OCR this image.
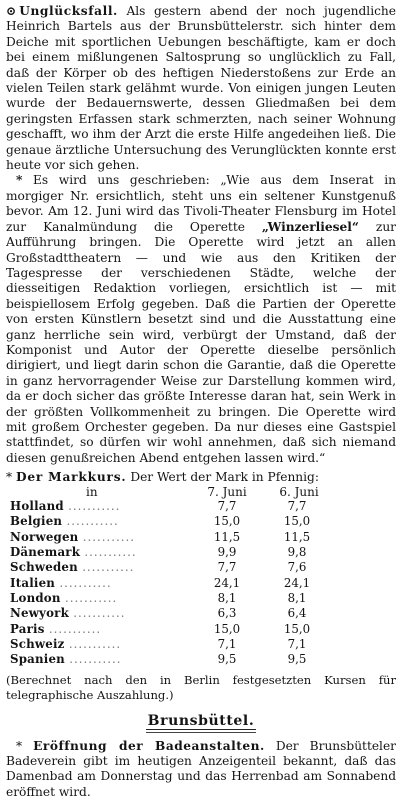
⊙ Unglücksfall. Als gestern abend der noch jugendliche Heinrich Bartels aus der Brunsbüttelerstr. sich hinter dem Deiche mit sportlichen Uebungen beschäftigte, kam er doch bei einem mißlungenen Saltosprung so unglücklich zu Fall, daß der Körper ob des heftigen Niederstoßens zur Erde an vielen Teilen stark gelähmt wurde. Von einigen jungen Leuten wurde der Bedauernswerte, dessen Gliedmaßen bei dem geringsten Erfassen stark schmerzten, nach seiner Wohnung geschafft, wo ihm der Arzt die erste Hilfe angedeihen ließ. Die genaue ärztliche Untersuchung des Verunglückten konnte erst heute vor sich gehen.

* Es wird uns geschrieben: „Wie aus dem Inserat in morgiger Nr. ersichtlich, steht uns ein seltener Kunstgenuß bevor. Am 12. Juni wird das Tivoli-Theater Flensburg im Hotel zur Kanalmündung die Operette „Winzerliesel“ zur Aufführung bringen. Die Operette wird jetzt an allen Großstadttheatern — und wie aus den Kritiken der Tagespresse der verschiedenen Städte, welche der diesseitigen Redaktion vorliegen, ersichtlich ist — mit beispiellosem Erfolg gegeben. Daß die Partien der Operette von ersten Künstlern besetzt sind und die Ausstattung eine ganz herrliche sein wird, verbürgt der Umstand, daß der Komponist und Autor der Operette dieselbe persönlich dirigiert, und liegt darin schon die Garantie, daß die Operette in ganz hervorragender Weise zur Darstellung kommen wird, da er doch sicher das größte Interesse daran hat, sein Werk in der größten Vollkommenheit zu bringen. Die Operette wird mit großem Orchester gegeben. Da nur dieses eine Gastspiel stattfindet, so dürfen wir wohl annehmen, daß sich niemand diesen genußreichen Abend entgehen lassen wird.“

* Der Markkurs. Der Wert der Mark in Pfennig:
in	7. Juni	6. Juni
Holland ...........	7,7	7,7
Belgien ...........	15,0	15,0
Norwegen ...........	11,5	11,5
Dänemark ...........	9,9	9,8
Schweden ...........	7,7	7,6
Italien ...........	24,1	24,1
London ...........	8,1	8,1
Newyork ...........	6,3	6,4
Paris ...........	15,0	15,0
Schweiz ...........	7,1	7,1
Spanien ...........	9,5	9,5
(Berechnet nach den in Berlin festgesetzten Kursen für telegraphische Auszahlung.)
Brunsbüttel.

* Eröffnung der Badeanstalten. Der Brunsbütteler Badeverein gibt im heutigen Anzeigenteil bekannt, daß das Damenbad am Donnerstag und das Herrenbad am Sonnabend eröffnet wird.
